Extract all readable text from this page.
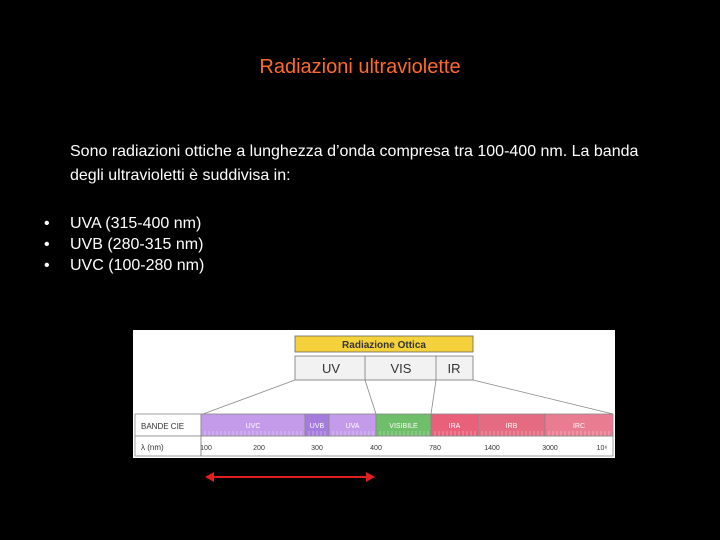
Radiazioni ultraviolette
Sono radiazioni ottiche a lunghezza d’onda compresa tra 100-400 nm. La banda degli ultravioletti è suddivisa in:
•	UVA (315-400 nm)
•	UVB (280-315 nm)
•	UVC (100-280 nm)
Radiazione Ottica
UV	VIS	IR
BANDE CIE
λ (nm)
UVC	UVB	UVA	VISIBILE	IRA	IRB	IRC
100	200	300	400	780	1400	3000	10⁶
